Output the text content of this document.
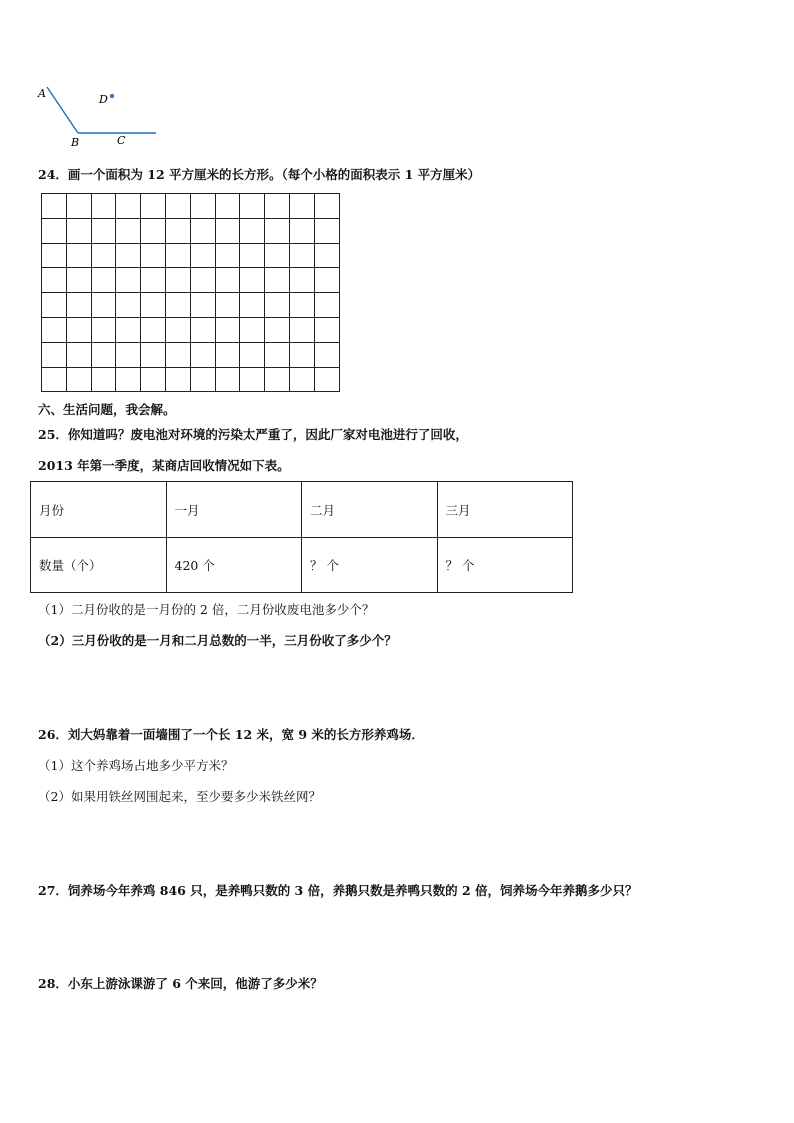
A	D
B	C
24．画一个面积为 12 平方厘米的长方形。（每个小格的面积表示 1 平方厘米）

六、生活问题，我会解。
25．你知道吗？废电池对环境的污染太严重了，因此厂家对电池进行了回收，
2013 年第一季度，某商店回收情况如下表。
月份	一月	二月	三月
数量（个）	420 个	？ 个	？ 个
（1）二月份收的是一月份的 2 倍，二月份收废电池多少个？
（2）三月份收的是一月和二月总数的一半，三月份收了多少个？
26．刘大妈靠着一面墙围了一个长 12 米，宽 9 米的长方形养鸡场．
（1）这个养鸡场占地多少平方米？
（2）如果用铁丝网围起来，至少要多少米铁丝网？
27．饲养场今年养鸡 846 只，是养鸭只数的 3 倍，养鹅只数是养鸭只数的 2 倍，饲养场今年养鹅多少只？
28．小东上游泳课游了 6 个来回，他游了多少米？
